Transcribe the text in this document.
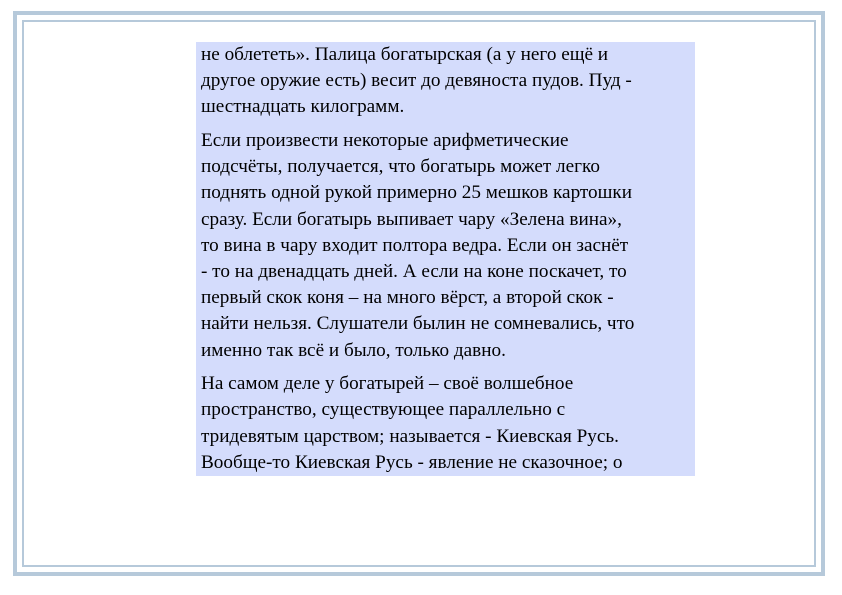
не облететь». Палица богатырская (а у него ещё и
другое оружие есть) весит до девяноста пудов. Пуд -
шестнадцать килограмм.
Если произвести некоторые арифметические
подсчёты, получается, что богатырь может легко
поднять одной рукой примерно 25 мешков картошки
сразу. Если богатырь выпивает чару «Зелена вина»,
то вина в чару входит полтора ведра. Если он заснёт
- то на двенадцать дней. А если на коне поскачет, то
первый скок коня – на много вёрст, а второй скок -
найти нельзя. Слушатели былин не сомневались, что
именно так всё и было, только давно.
На самом деле у богатырей – своё волшебное
пространство, существующее параллельно с
тридевятым царством; называется - Киевская Русь.
Вообще-то Киевская Русь - явление не сказочное; о
